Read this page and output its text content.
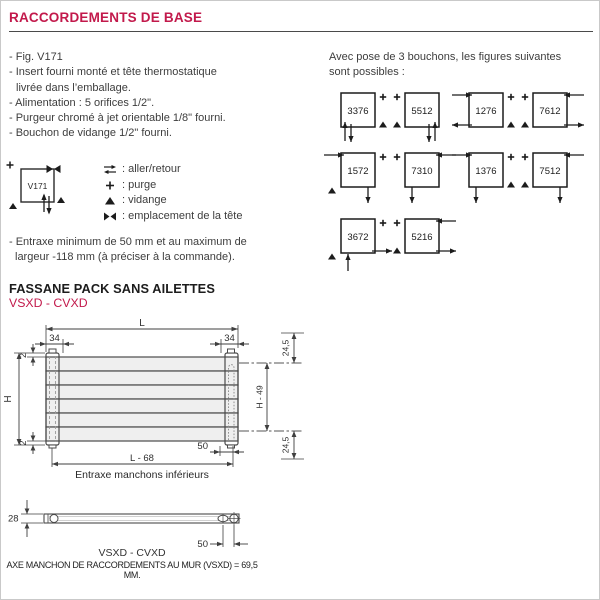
RACCORDEMENTS DE BASE
- Fig. V171
- Insert fourni monté et tête thermostatique
livrée dans l’emballage.
- Alimentation : 5 orifices 1/2".
- Purgeur chromé à jet orientable 1/8" fourni.
- Bouchon de vidange 1/2" fourni.
V171
: aller/retour
: purge
: vidange
: emplacement de la tête
- Entraxe minimum de 50 mm et au maximum de
largeur -118 mm (à préciser à la commande).
Avec pose de 3 bouchons, les figures suivantes
sont possibles :
3376	5512	1276	7612
1572	7310	1376	7512
3672	5216
FASSANE PACK SANS AILETTES
VSXD - CVXD
L
34	34
2
H
2
24,5
H - 49
24,5
50
L - 68
Entraxe manchons inférieurs
28
50
VSXD - CVXD
AXE MANCHON DE RACCORDEMENTS AU MUR (VSXD) = 69,5 MM.
